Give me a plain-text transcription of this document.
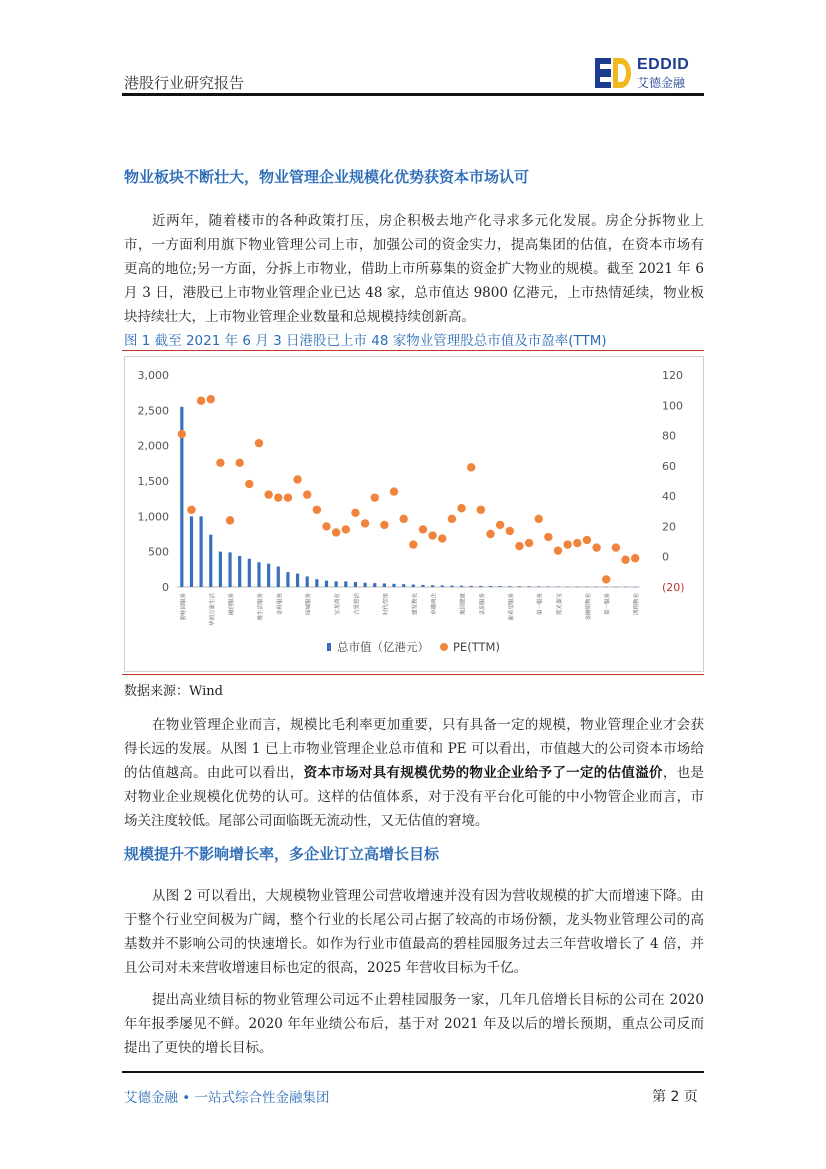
港股行业研究报告
EDDID
艾德金融
物业板块不断壮大，物业管理企业规模化优势获资本市场认可
近两年，随着楼市的各种政策打压，房企积极去地产化寻求多元化发展。房企分拆物业上市，一方面利用旗下物业管理公司上市，加强公司的资金实力，提高集团的估值，在资本市场有更高的地位;另一方面，分拆上市物业，借助上市所募集的资金扩大物业的规模。截至 2021 年 6 月 3 日，港股已上市物业管理企业已达 48 家，总市值达 9800 亿港元，上市热情延续，物业板块持续壮大，上市物业管理企业数量和总规模持续创新高。
图 1 截至 2021 年 6 月 3 日港股已上市 48 家物业管理股总市值及市盈率(TTM)
3,000
2,500
2,000
1,500
1,000
500
0
120
100
80
60
40
20
0
(20)
碧桂园服务	华润万象生活	融创服务	雅生活服务	金科服务	绿城服务	宝龙商业	合景悠活	时代邻里	建发物业	卓越商企	奥园健康	弘阳服务	新希望服务	第一服务	蓝光嘉宝	金融街物业	第一服务	鸿翔物业
总市值（亿港元） PE(TTM)
数据来源：Wind
在物业管理企业而言，规模比毛利率更加重要，只有具备一定的规模，物业管理企业才会获得长远的发展。从图 1 已上市物业管理企业总市值和 PE 可以看出，市值越大的公司资本市场给的估值越高。由此可以看出，资本市场对具有规模优势的物业企业给予了一定的估值溢价，也是对物业企业规模化优势的认可。这样的估值体系，对于没有平台化可能的中小物管企业而言，市场关注度较低。尾部公司面临既无流动性，又无估值的窘境。
规模提升不影响增长率，多企业订立高增长目标
从图 2 可以看出，大规模物业管理公司营收增速并没有因为营收规模的扩大而增速下降。由于整个行业空间极为广阔，整个行业的长尾公司占据了较高的市场份额，龙头物业管理公司的高基数并不影响公司的快速增长。如作为行业市值最高的碧桂园服务过去三年营收增长了 4 倍，并且公司对未来营收增速目标也定的很高，2025 年营收目标为千亿。
提出高业绩目标的物业管理公司远不止碧桂园服务一家，几年几倍增长目标的公司在 2020 年年报季屡见不鲜。2020 年年业绩公布后，基于对 2021 年及以后的增长预期，重点公司反而提出了更快的增长目标。
艾德金融 • 一站式综合性金融集团	第 2 页
